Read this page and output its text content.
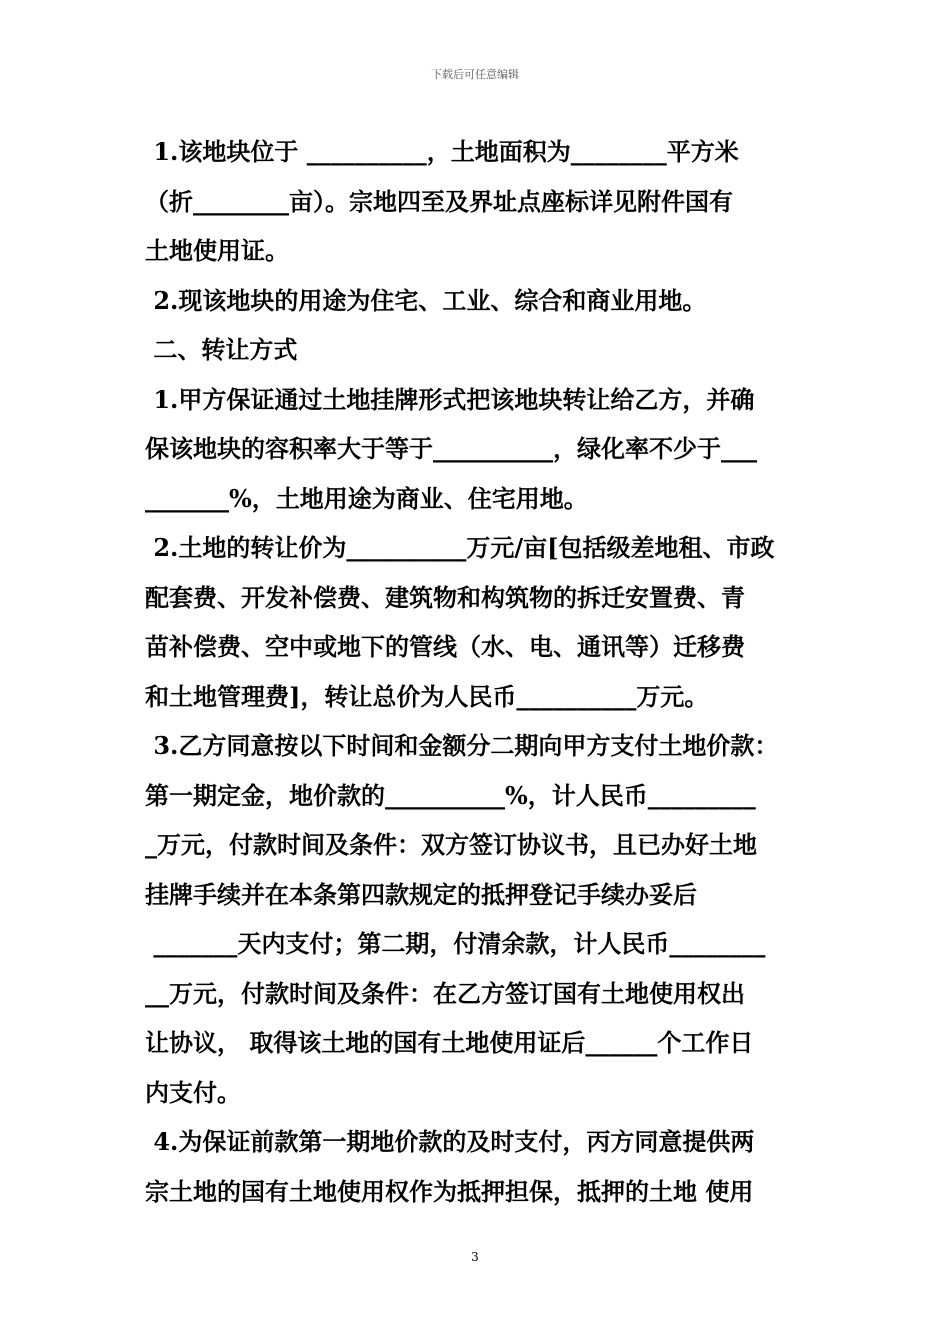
下载后可任意编辑
1.该地块位于 __________，土地面积为________平方米
（折________亩）。宗地四至及界址点座标详见附件国有
土地使用证。
2.现该地块的用途为住宅、工业、综合和商业用地。
二、转让方式
1.甲方保证通过土地挂牌形式把该地块转让给乙方，并确
保该地块的容积率大于等于__________，绿化率不少于___
_______%，土地用途为商业、住宅用地。
2.土地的转让价为__________万元/亩[包括级差地租、市政
配套费、开发补偿费、建筑物和构筑物的拆迁安置费、青
苗补偿费、空中或地下的管线（水、电、通讯等）迁移费
和土地管理费]，转让总价为人民币__________万元。
3.乙方同意按以下时间和金额分二期向甲方支付土地价款：
第一期定金，地价款的__________%，计人民币_________
_万元，付款时间及条件：双方签订协议书，且已办好土地
挂牌手续并在本条第四款规定的抵押登记手续办妥后
_______天内支付；第二期，付清余款，计人民币________
__万元，付款时间及条件：在乙方签订国有土地使用权出
让协议， 取得该土地的国有土地使用证后______个工作日
内支付。
4.为保证前款第一期地价款的及时支付，丙方同意提供两
宗土地的国有土地使用权作为抵押担保，抵押的土地 使用
3
